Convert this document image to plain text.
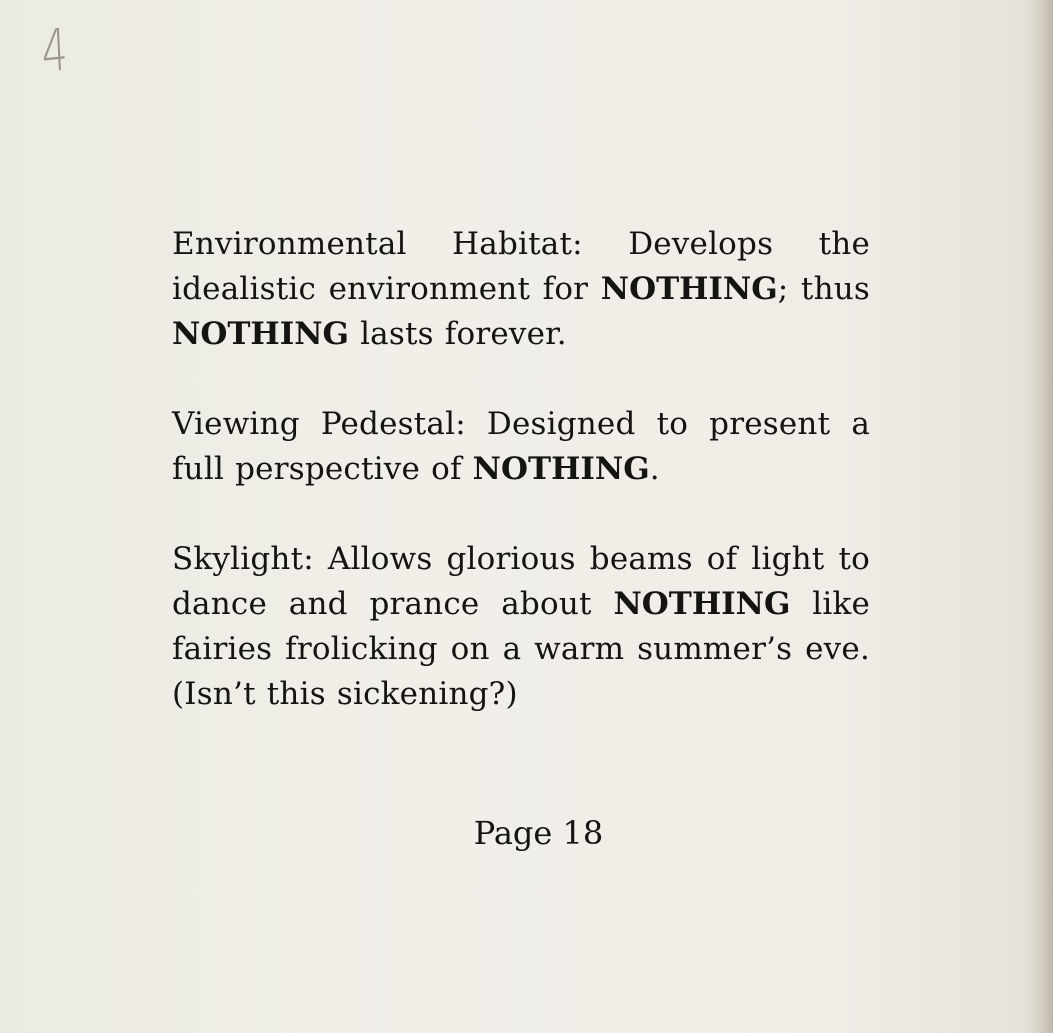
4

Environmental Habitat: Develops the idealistic environment for NOTHING; thus NOTHING lasts forever.

Viewing Pedestal: Designed to present a full perspective of NOTHING.

Skylight: Allows glorious beams of light to dance and prance about NOTHING like fairies frolicking on a warm summer’s eve. (Isn’t this sickening?)

Page 18
